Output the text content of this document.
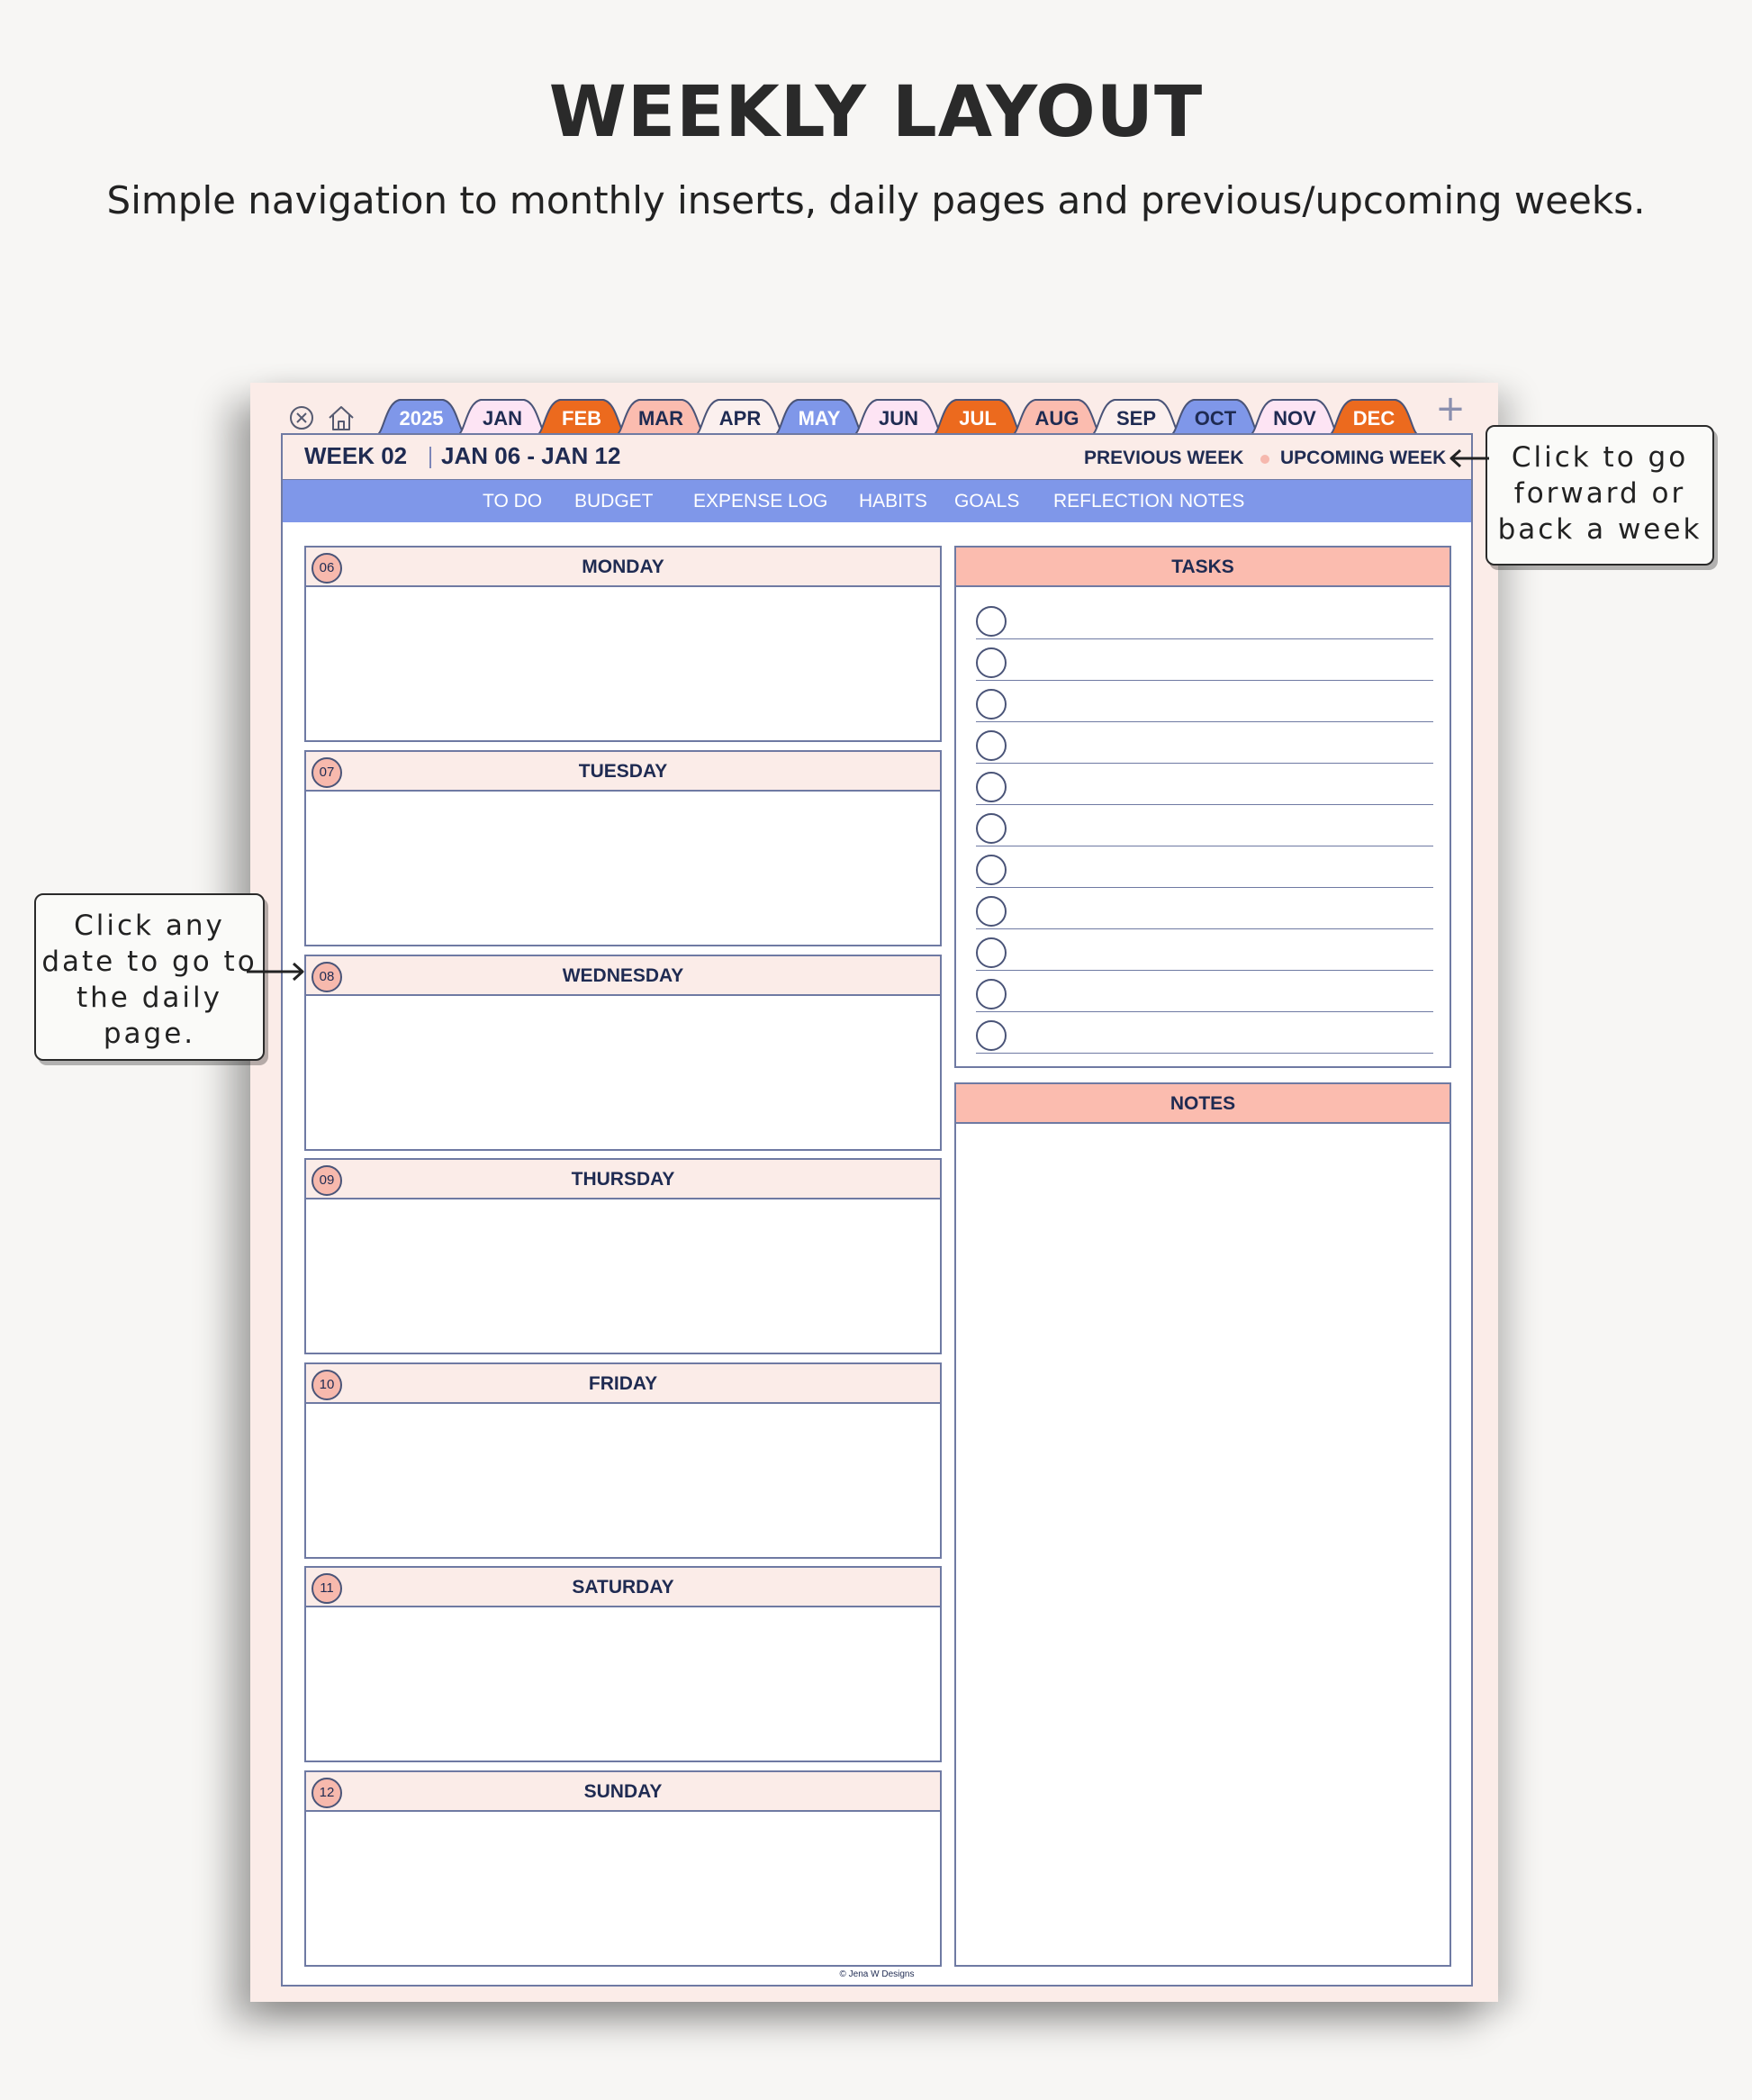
WEEKLY LAYOUT
Simple navigation to monthly inserts, daily pages and previous/upcoming weeks.
2025	JAN	FEB	MAR	APR	MAY	JUN	JUL	AUG	SEP	OCT	NOV	DEC	+
WEEK 02 JAN 06 - JAN 12	PREVIOUS WEEK UPCOMING WEEK
TO DO BUDGET EXPENSE LOG HABITS GOALS REFLECTION NOTES
06	MONDAY
07	TUESDAY
08	WEDNESDAY
09	THURSDAY
10	FRIDAY
11	SATURDAY
12	SUNDAY
TASKS
NOTES
© Jena W Designs
Click to go forward or back a week
Click any date to go to the daily page.
